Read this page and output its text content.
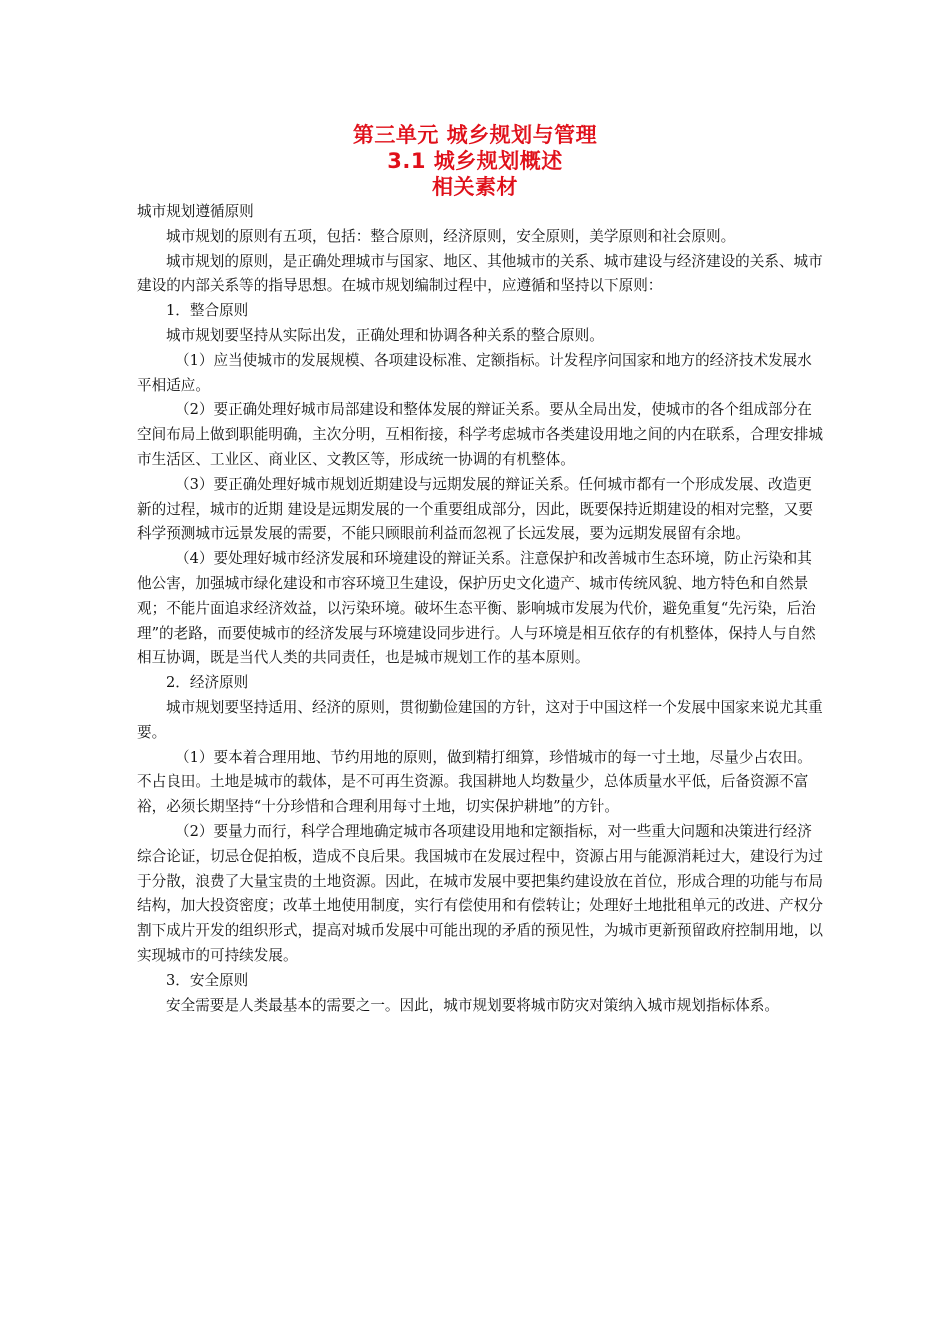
第三单元 城乡规划与管理
3.1 城乡规划概述
相关素材

城市规划遵循原则

城市规划的原则有五项，包括：整合原则，经济原则，安全原则，美学原则和社会原则。

城市规划的原则，是正确处理城市与国家、地区、其他城市的关系、城市建设与经济建设的关系、城市建设的内部关系等的指导思想。在城市规划编制过程中，应遵循和坚持以下原则：

1．整合原则

城市规划要坚持从实际出发，正确处理和协调各种关系的整合原则。

（1）应当使城市的发展规模、各项建设标准、定额指标。计发程序问国家和地方的经济技术发展水平相适应。

（2）要正确处理好城市局部建设和整体发展的辩证关系。要从全局出发，使城市的各个组成部分在空间布局上做到职能明确，主次分明，互相衔接，科学考虑城市各类建设用地之间的内在联系，合理安排城市生活区、工业区、商业区、文教区等，形成统一协调的有机整体。

（3）要正确处理好城市规划近期建设与远期发展的辩证关系。任何城市都有一个形成发展、改造更新的过程，城市的近期 建设是远期发展的一个重要组成部分，因此，既要保持近期建设的相对完整，又要科学预测城市远景发展的需要，不能只顾眼前利益而忽视了长远发展，要为远期发展留有余地。

（4）要处理好城市经济发展和环境建设的辩证关系。注意保护和改善城市生态环境，防止污染和其他公害，加强城市绿化建设和市容环境卫生建设，保护历史文化遗产、城市传统风貌、地方特色和自然景观；不能片面追求经济效益，以污染环境。破坏生态平衡、影响城市发展为代价，避免重复“先污染，后治理”的老路，而要使城市的经济发展与环境建设同步进行。人与环境是相互依存的有机整体，保持人与自然相互协调，既是当代人类的共同责任，也是城市规划工作的基本原则。

2．经济原则

城市规划要坚持适用、经济的原则，贯彻勤俭建国的方针，这对于中国这样一个发展中国家来说尤其重要。

（1）要本着合理用地、节约用地的原则，做到精打细算，珍惜城市的每一寸土地，尽量少占农田。不占良田。土地是城市的载体，是不可再生资源。我国耕地人均数量少，总体质量水平低，后备资源不富裕，必须长期坚持“十分珍惜和合理利用每寸土地，切实保护耕地”的方针。

（2）要量力而行，科学合理地确定城市各项建设用地和定额指标，对一些重大问题和决策进行经济综合论证，切忌仓促拍板，造成不良后果。我国城市在发展过程中，资源占用与能源消耗过大，建设行为过于分散，浪费了大量宝贵的土地资源。因此，在城市发展中要把集约建设放在首位，形成合理的功能与布局结构，加大投资密度；改革土地使用制度，实行有偿使用和有偿转让；处理好土地批租单元的改进、产权分割下成片开发的组织形式，提高对城币发展中可能出现的矛盾的预见性，为城市更新预留政府控制用地，以实现城市的可持续发展。

3．安全原则

安全需要是人类最基本的需要之一。因此，城市规划要将城市防灾对策纳入城市规划指标体系。
